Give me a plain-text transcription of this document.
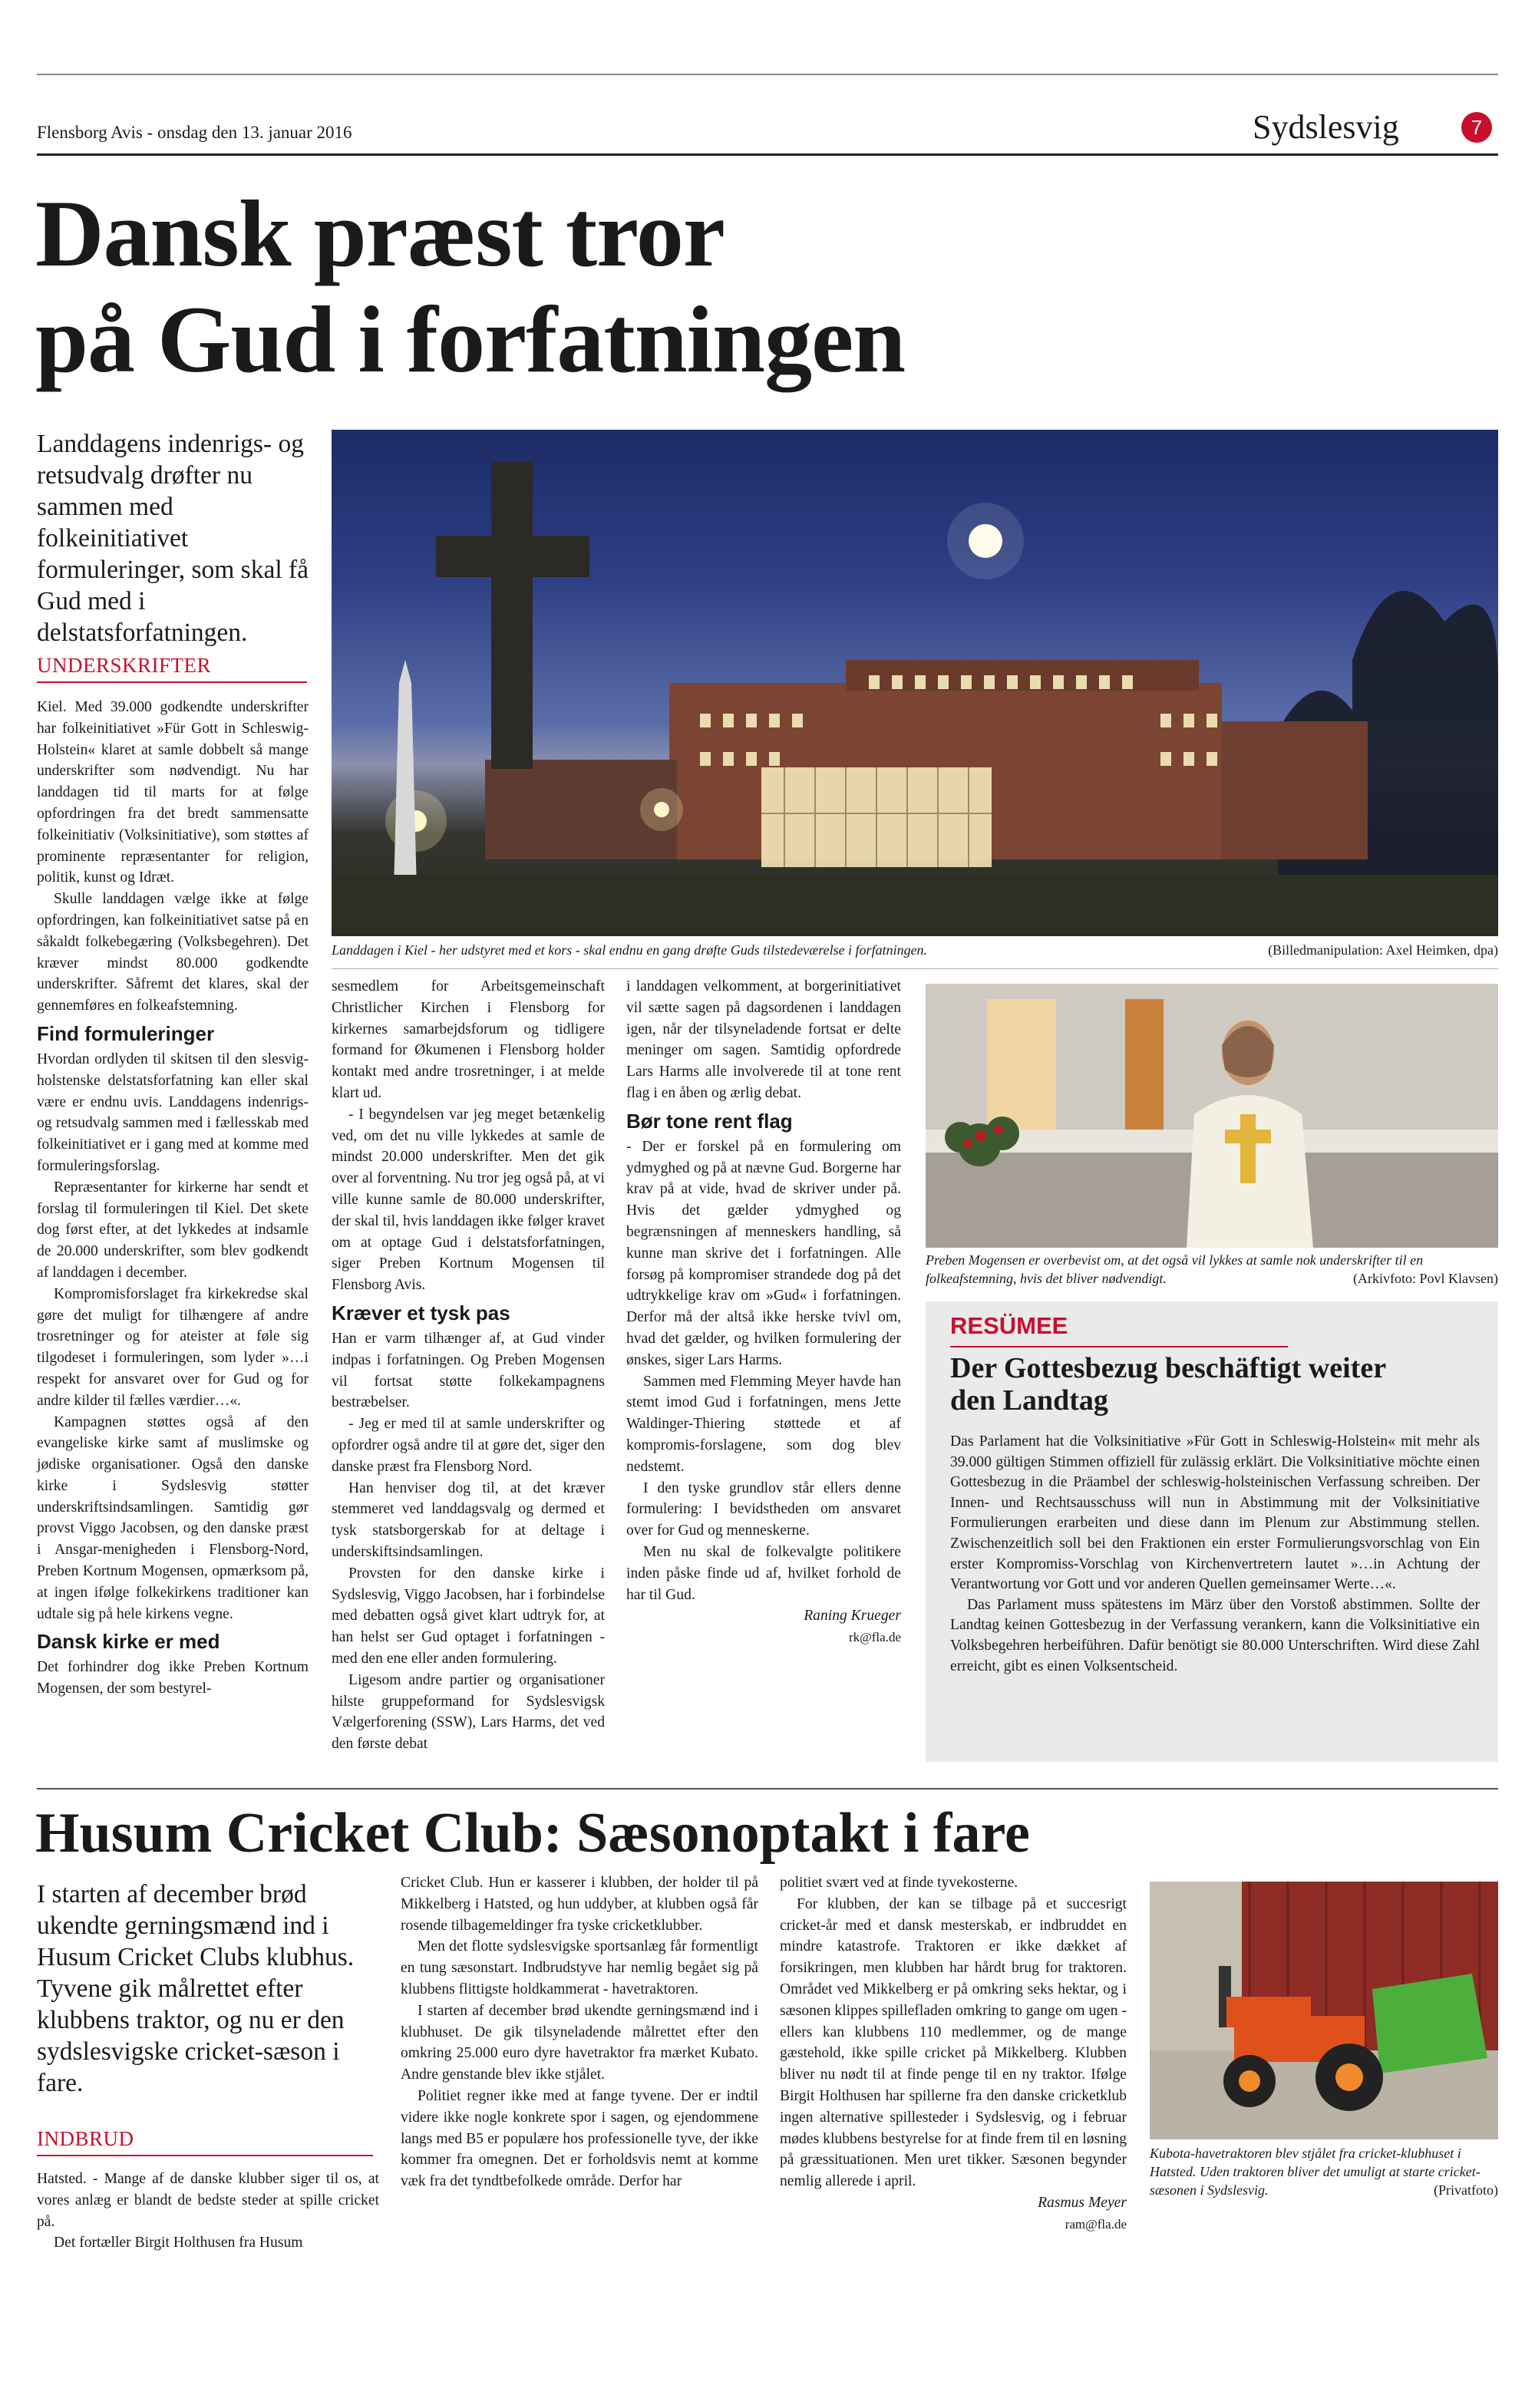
Flensborg Avis - onsdag den 13. januar 2016	Sydslesvig	7
Dansk præst tror
på Gud i forfatningen
Landdagens indenrigs- og retsudvalg drøfter nu sammen med folkeinitiativet formuleringer, som skal få Gud med i delstatsforfatningen.
UNDERSKRIFTER
Landdagen i Kiel - her udstyret med et kors - skal endnu en gang drøfte Guds tilstedeværelse i forfatningen.	(Billedmanipulation: Axel Heimken, dpa)

Kiel. Med 39.000 godkendte underskrifter har folkeinitiativet »Für Gott in Schleswig-Holstein« klaret at samle dobbelt så mange underskrifter som nødvendigt. Nu har landdagen tid til marts for at følge opfordringen fra det bredt sammensatte folkeinitiativ (Volksinitiative), som støttes af prominente repræsentanter for religion, politik, kunst og Idræt.

Skulle landdagen vælge ikke at følge opfordringen, kan folkeinitiativet satse på en såkaldt folkebegæring (Volksbegehren). Det kræver mindst 80.000 godkendte underskrifter. Såfremt det klares, skal der gennemføres en folkeafstemning.

Find formuleringer

Hvordan ordlyden til skitsen til den slesvig-holstenske delstatsforfatning kan eller skal være er endnu uvis. Landdagens indenrigs- og retsudvalg sammen med i fællesskab med folkeinitiativet er i gang med at komme med formuleringsforslag.

Repræsentanter for kirkerne har sendt et forslag til formuleringen til Kiel. Det skete dog først efter, at det lykkedes at indsamle de 20.000 underskrifter, som blev godkendt af landdagen i december.

Kompromisforslaget fra kirkekredse skal gøre det muligt for tilhængere af andre trosretninger og for ateister at føle sig tilgodeset i formuleringen, som lyder »…i respekt for ansvaret over for Gud og for andre kilder til fælles værdier…«.

Kampagnen støttes også af den evangeliske kirke samt af muslimske og jødiske organisationer. Også den danske kirke i Sydslesvig støtter underskriftsindsamlingen. Samtidig gør provst Viggo Jacobsen, og den danske præst i Ansgar-menigheden i Flensborg-Nord, Preben Kortnum Mogensen, opmærksom på, at ingen ifølge folkekirkens traditioner kan udtale sig på hele kirkens vegne.

Dansk kirke er med

Det forhindrer dog ikke Preben Kortnum Mogensen, der som bestyrel-

sesmedlem for Arbeitsgemeinschaft Christlicher Kirchen i Flensborg for kirkernes samarbejdsforum og tidligere formand for Økumenen i Flensborg holder kontakt med andre trosretninger, i at melde klart ud.

- I begyndelsen var jeg meget betænkelig ved, om det nu ville lykkedes at samle de mindst 20.000 underskrifter. Men det gik over al forventning. Nu tror jeg også på, at vi ville kunne samle de 80.000 underskrifter, der skal til, hvis landdagen ikke følger kravet om at optage Gud i delstatsforfatningen, siger Preben Kortnum Mogensen til Flensborg Avis.

Kræver et tysk pas

Han er varm tilhænger af, at Gud vinder indpas i forfatningen. Og Preben Mogensen vil fortsat støtte folkekampagnens bestræbelser.

- Jeg er med til at samle underskrifter og opfordrer også andre til at gøre det, siger den danske præst fra Flensborg Nord.

Han henviser dog til, at det kræver stemmeret ved landdagsvalg og dermed et tysk statsborgerskab for at deltage i underskiftsindsamlingen.

Provsten for den danske kirke i Sydslesvig, Viggo Jacobsen, har i forbindelse med debatten også givet klart udtryk for, at han helst ser Gud optaget i forfatningen - med den ene eller anden formulering.

Ligesom andre partier og organisationer hilste gruppeformand for Sydslesvigsk Vælgerforening (SSW), Lars Harms, det ved den første debat

i landdagen velkomment, at borgerinitiativet vil sætte sagen på dagsordenen i landdagen igen, når der tilsyneladende fortsat er delte meninger om sagen. Samtidig opfordrede Lars Harms alle involverede til at tone rent flag i en åben og ærlig debat.

Bør tone rent flag

- Der er forskel på en formulering om ydmyghed og på at nævne Gud. Borgerne har krav på at vide, hvad de skriver under på. Hvis det gælder ydmyghed og begrænsningen af menneskers handling, så kunne man skrive det i forfatningen. Alle forsøg på kompromiser strandede dog på det udtrykkelige krav om »Gud« i forfatningen. Derfor må der altså ikke herske tvivl om, hvad det gælder, og hvilken formulering der ønskes, siger Lars Harms.

Sammen med Flemming Meyer havde han stemt imod Gud i forfatningen, mens Jette Waldinger-Thiering støttede et af kompromis-forslagene, som dog blev nedstemt.

I den tyske grundlov står ellers denne formulering: I bevidstheden om ansvaret over for Gud og menneskerne.

Men nu skal de folkevalgte politikere inden påske finde ud af, hvilket forhold de har til Gud.

Raning Krueger

rk@fla.de

Preben Mogensen er overbevist om, at det også vil lykkes at samle nok underskrifter til en folkeafstemning, hvis det bliver nødvendigt.	(Arkivfoto: Povl Klavsen)
RESÜMEE
Der Gottesbezug beschäftigt weiter den Landtag

Das Parlament hat die Volksinitiative »Für Gott in Schleswig-Holstein« mit mehr als 39.000 gültigen Stimmen offiziell für zulässig erklärt. Die Volksinitiative möchte einen Gottesbezug in die Präambel der schleswig-holsteinischen Verfassung schreiben. Der Innen- und Rechtsausschuss will nun in Abstimmung mit der Volksinitiative Formulierungen erarbeiten und diese dann im Plenum zur Abstimmung stellen. Zwischenzeitlich soll bei den Fraktionen ein erster Formulierungsvorschlag von Ein erster Kompromiss-Vorschlag von Kirchenvertretern lautet »…in Achtung der Verantwortung vor Gott und vor anderen Quellen gemeinsamer Werte…«.

Das Parlament muss spätestens im März über den Vorstoß abstimmen. Sollte der Landtag keinen Gottesbezug in der Verfassung verankern, kann die Volksinitiative ein Volksbegehren herbeiführen. Dafür benötigt sie 80.000 Unterschriften. Wird diese Zahl erreicht, gibt es einen Volksentscheid.

Husum Cricket Club: Sæsonoptakt i fare
I starten af december brød ukendte gerningsmænd ind i Husum Cricket Clubs klubhus. Tyvene gik målrettet efter klubbens traktor, og nu er den sydslesvigske cricket-sæson i fare.
INDBRUD

Hatsted. - Mange af de danske klubber siger til os, at vores anlæg er blandt de bedste steder at spille cricket på.

Det fortæller Birgit Holthusen fra Husum

Cricket Club. Hun er kasserer i klubben, der holder til på Mikkelberg i Hatsted, og hun uddyber, at klubben også får rosende tilbagemeldinger fra tyske cricketklubber.

Men det flotte sydslesvigske sportsanlæg får formentligt en tung sæsonstart. Indbrudstyve har nemlig begået sig på klubbens flittigste holdkammerat - havetraktoren.

I starten af december brød ukendte gerningsmænd ind i klubhuset. De gik tilsyneladende målrettet efter den omkring 25.000 euro dyre havetraktor fra mærket Kubato. Andre genstande blev ikke stjålet.

Politiet regner ikke med at fange tyvene. Der er indtil videre ikke nogle konkrete spor i sagen, og ejendommene langs med B5 er populære hos professionelle tyve, der ikke kommer fra omegnen. Det er forholdsvis nemt at komme væk fra det tyndtbefolkede område. Derfor har

politiet svært ved at finde tyvekosterne.

For klubben, der kan se tilbage på et succesrigt cricket-år med et dansk mesterskab, er indbruddet en mindre katastrofe. Traktoren er ikke dækket af forsikringen, men klubben har hårdt brug for traktoren. Området ved Mikkelberg er på omkring seks hektar, og i sæsonen klippes spillefladen omkring to gange om ugen - ellers kan klubbens 110 medlemmer, og de mange gæstehold, ikke spille cricket på Mikkelberg. Klubben bliver nu nødt til at finde penge til en ny traktor. Ifølge Birgit Holthusen har spillerne fra den danske cricketklub ingen alternative spillesteder i Sydslesvig, og i februar mødes klubbens bestyrelse for at finde frem til en løsning på græssituationen. Men uret tikker. Sæsonen begynder nemlig allerede i april.

Rasmus Meyer

ram@fla.de

Kubota-havetraktoren blev stjålet fra cricket-klubhuset i Hatsted. Uden traktoren bliver det umuligt at starte cricket-sæsonen i Sydslesvig.	(Privatfoto)
